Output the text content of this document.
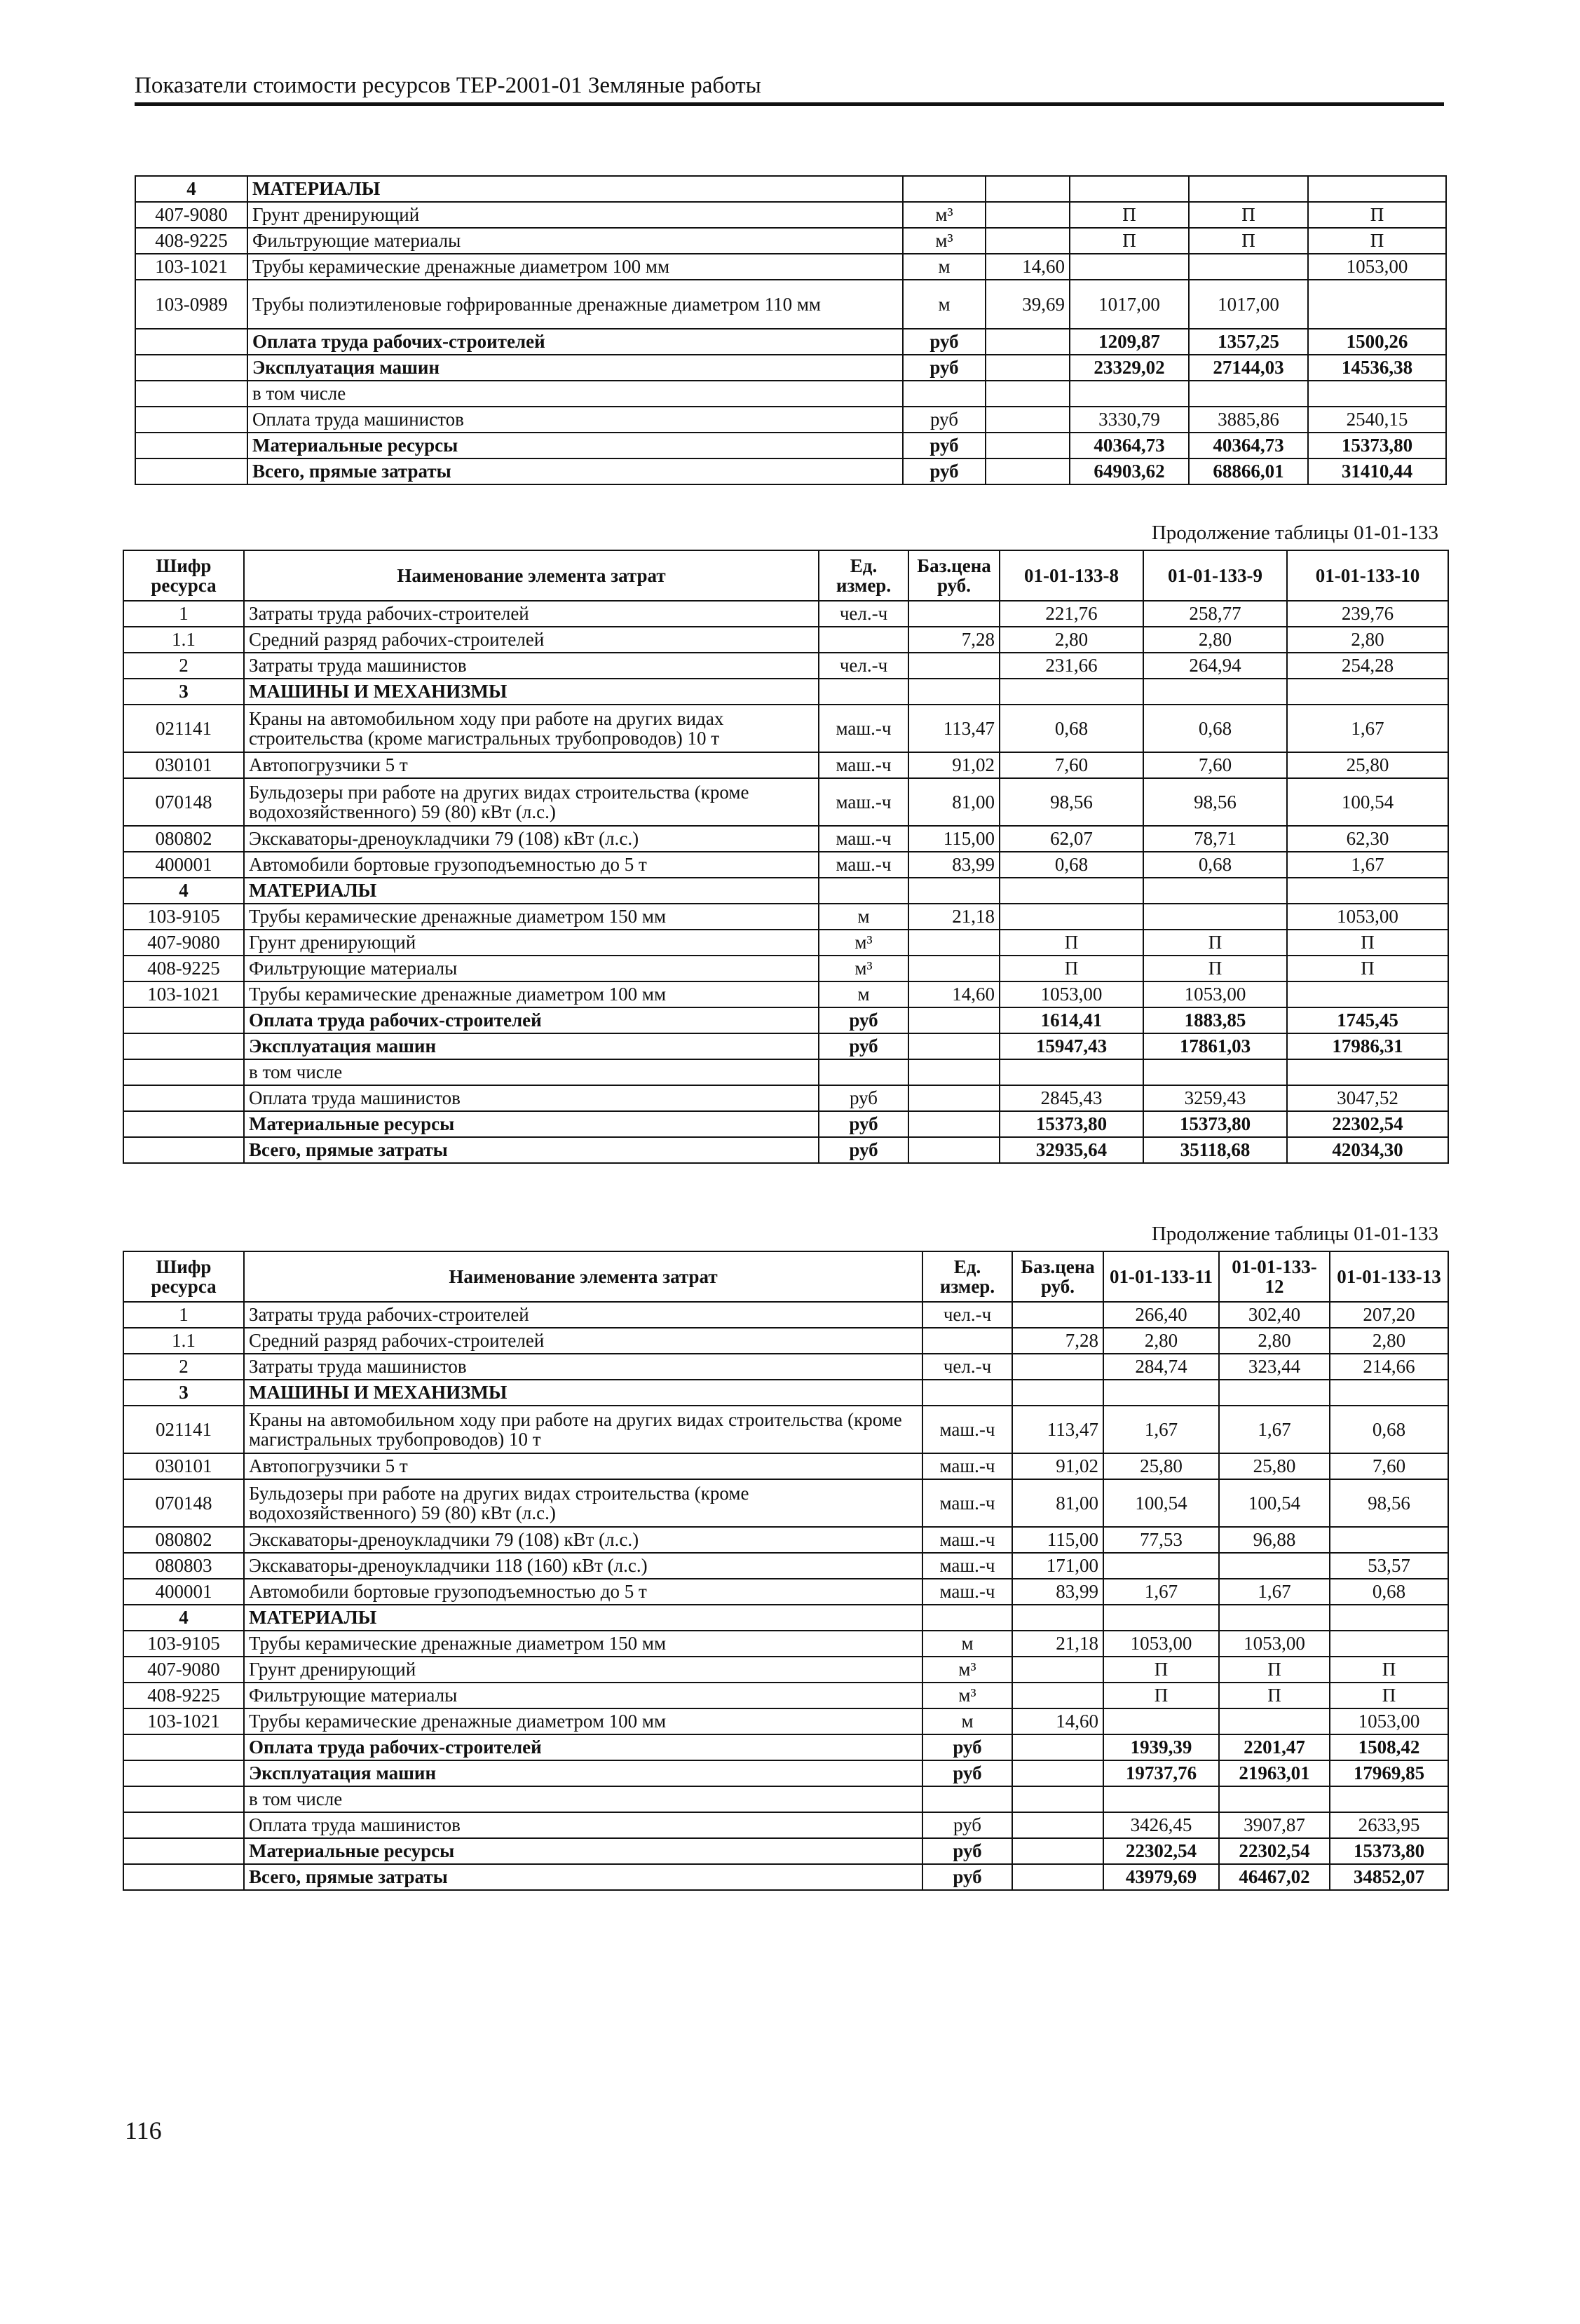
Показатели стоимости ресурсов ТЕР-2001-01 Земляные работы
4	МАТЕРИАЛЫ					
407-9080	Грунт дренирующий	м³		П	П	П
408-9225	Фильтрующие материалы	м³		П	П	П
103-1021	Трубы керамические дренажные диаметром 100 мм	м	14,60			1053,00
103-0989	Трубы полиэтиленовые гофрированные дренажные диаметром 110 мм	м	39,69	1017,00	1017,00	
	Оплата труда рабочих-строителей	руб		1209,87	1357,25	1500,26
	Эксплуатация машин	руб		23329,02	27144,03	14536,38
	в том числе					
	Оплата труда машинистов	руб		3330,79	3885,86	2540,15
	Материальные ресурсы	руб		40364,73	40364,73	15373,80
	Всего, прямые затраты	руб		64903,62	68866,01	31410,44
Продолжение таблицы 01-01-133
Шифр ресурса	Наименование элемента затрат	Ед. измер.	Баз.цена руб.	01-01-133-8	01-01-133-9	01-01-133-10
1	Затраты труда рабочих-строителей	чел.-ч		221,76	258,77	239,76
1.1	Средний разряд рабочих-строителей		7,28	2,80	2,80	2,80
2	Затраты труда машинистов	чел.-ч		231,66	264,94	254,28
3	МАШИНЫ И МЕХАНИЗМЫ					
021141	Краны на автомобильном ходу при работе на других видах строительства (кроме магистральных трубопроводов) 10 т	маш.-ч	113,47	0,68	0,68	1,67
030101	Автопогрузчики 5 т	маш.-ч	91,02	7,60	7,60	25,80
070148	Бульдозеры при работе на других видах строительства (кроме водохозяйственного) 59 (80) кВт (л.с.)	маш.-ч	81,00	98,56	98,56	100,54
080802	Экскаваторы-дреноукладчики 79 (108) кВт (л.с.)	маш.-ч	115,00	62,07	78,71	62,30
400001	Автомобили бортовые грузоподъемностью до 5 т	маш.-ч	83,99	0,68	0,68	1,67
4	МАТЕРИАЛЫ					
103-9105	Трубы керамические дренажные диаметром 150 мм	м	21,18			1053,00
407-9080	Грунт дренирующий	м³		П	П	П
408-9225	Фильтрующие материалы	м³		П	П	П
103-1021	Трубы керамические дренажные диаметром 100 мм	м	14,60	1053,00	1053,00	
	Оплата труда рабочих-строителей	руб		1614,41	1883,85	1745,45
	Эксплуатация машин	руб		15947,43	17861,03	17986,31
	в том числе					
	Оплата труда машинистов	руб		2845,43	3259,43	3047,52
	Материальные ресурсы	руб		15373,80	15373,80	22302,54
	Всего, прямые затраты	руб		32935,64	35118,68	42034,30
Продолжение таблицы 01-01-133
Шифр ресурса	Наименование элемента затрат	Ед. измер.	Баз.цена руб.	01-01-133-11	01-01-133-12	01-01-133-13
1	Затраты труда рабочих-строителей	чел.-ч		266,40	302,40	207,20
1.1	Средний разряд рабочих-строителей		7,28	2,80	2,80	2,80
2	Затраты труда машинистов	чел.-ч		284,74	323,44	214,66
3	МАШИНЫ И МЕХАНИЗМЫ					
021141	Краны на автомобильном ходу при работе на других видах строительства (кроме магистральных трубопроводов) 10 т	маш.-ч	113,47	1,67	1,67	0,68
030101	Автопогрузчики 5 т	маш.-ч	91,02	25,80	25,80	7,60
070148	Бульдозеры при работе на других видах строительства (кроме водохозяйственного) 59 (80) кВт (л.с.)	маш.-ч	81,00	100,54	100,54	98,56
080802	Экскаваторы-дреноукладчики 79 (108) кВт (л.с.)	маш.-ч	115,00	77,53	96,88	
080803	Экскаваторы-дреноукладчики 118 (160) кВт (л.с.)	маш.-ч	171,00			53,57
400001	Автомобили бортовые грузоподъемностью до 5 т	маш.-ч	83,99	1,67	1,67	0,68
4	МАТЕРИАЛЫ					
103-9105	Трубы керамические дренажные диаметром 150 мм	м	21,18	1053,00	1053,00	
407-9080	Грунт дренирующий	м³		П	П	П
408-9225	Фильтрующие материалы	м³		П	П	П
103-1021	Трубы керамические дренажные диаметром 100 мм	м	14,60			1053,00
	Оплата труда рабочих-строителей	руб		1939,39	2201,47	1508,42
	Эксплуатация машин	руб		19737,76	21963,01	17969,85
	в том числе					
	Оплата труда машинистов	руб		3426,45	3907,87	2633,95
	Материальные ресурсы	руб		22302,54	22302,54	15373,80
	Всего, прямые затраты	руб		43979,69	46467,02	34852,07
116
